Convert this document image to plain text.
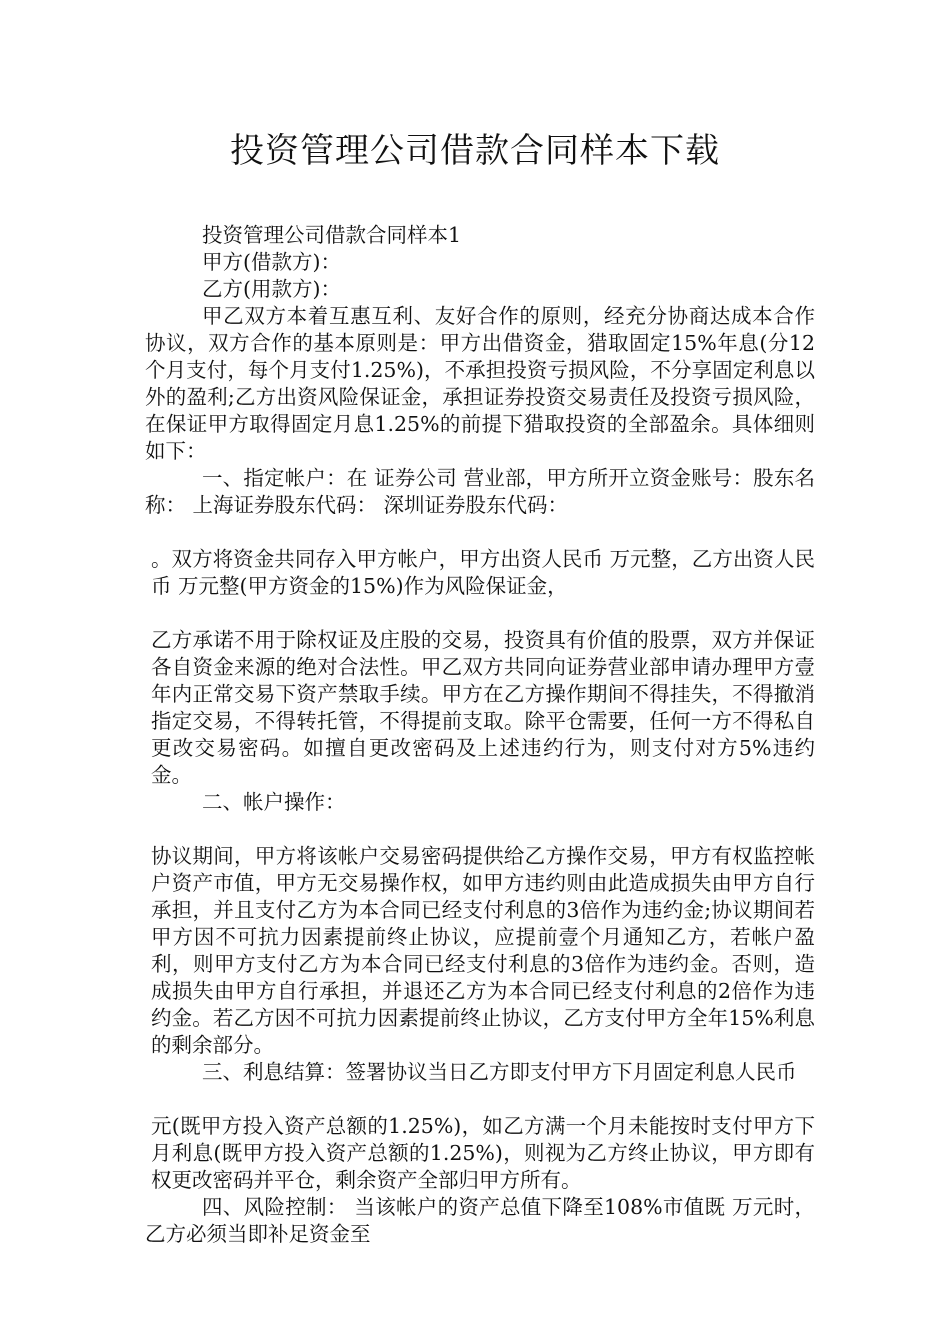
投资管理公司借款合同样本下载

投资管理公司借款合同样本1

甲方(借款方)：

乙方(用款方)：

甲乙双方本着互惠互利、友好合作的原则，经充分协商达成本合作协议，双方合作的基本原则是：甲方出借资金，猎取固定15%年息(分12个月支付，每个月支付1.25%)，不承担投资亏损风险，不分享固定利息以外的盈利;乙方出资风险保证金，承担证券投资交易责任及投资亏损风险，在保证甲方取得固定月息1.25%的前提下猎取投资的全部盈余。具体细则如下：

一、指定帐户：在 证券公司 营业部，甲方所开立资金账号：股东名称： 上海证券股东代码： 深圳证券股东代码：

。双方将资金共同存入甲方帐户，甲方出资人民币 万元整，乙方出资人民币 万元整(甲方资金的15%)作为风险保证金，

乙方承诺不用于除权证及庄股的交易，投资具有价值的股票，双方并保证各自资金来源的绝对合法性。甲乙双方共同向证券营业部申请办理甲方壹年内正常交易下资产禁取手续。甲方在乙方操作期间不得挂失，不得撤消指定交易，不得转托管，不得提前支取。除平仓需要，任何一方不得私自更改交易密码。如擅自更改密码及上述违约行为，则支付对方5%违约金。

二、帐户操作：

协议期间，甲方将该帐户交易密码提供给乙方操作交易，甲方有权监控帐户资产市值，甲方无交易操作权，如甲方违约则由此造成损失由甲方自行承担，并且支付乙方为本合同已经支付利息的3倍作为违约金;协议期间若甲方因不可抗力因素提前终止协议，应提前壹个月通知乙方，若帐户盈利，则甲方支付乙方为本合同已经支付利息的3倍作为违约金。否则，造成损失由甲方自行承担，并退还乙方为本合同已经支付利息的2倍作为违约金。若乙方因不可抗力因素提前终止协议，乙方支付甲方全年15%利息的剩余部分。

三、利息结算：签署协议当日乙方即支付甲方下月固定利息人民币

元(既甲方投入资产总额的1.25%)，如乙方满一个月未能按时支付甲方下月利息(既甲方投入资产总额的1.25%)，则视为乙方终止协议，甲方即有权更改密码并平仓，剩余资产全部归甲方所有。

四、风险控制： 当该帐户的资产总值下降至108%市值既 万元时，乙方必须当即补足资金至
